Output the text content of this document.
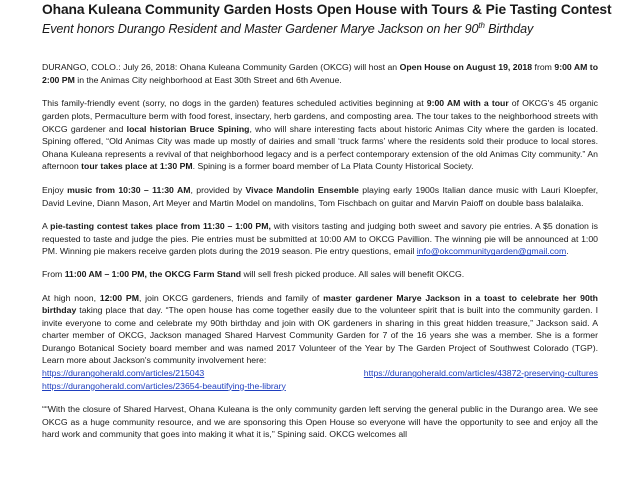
Ohana Kuleana Community Garden Hosts Open House with Tours & Pie Tasting Contest
Event honors Durango Resident and Master Gardener Marye Jackson on her 90th Birthday

DURANGO, COLO.: July 26, 2018: Ohana Kuleana Community Garden (OKCG) will host an Open House on August 19, 2018 from 9:00 AM to 2:00 PM in the Animas City neighborhood at East 30th Street and 6th Avenue.

This family-friendly event (sorry, no dogs in the garden) features scheduled activities beginning at 9:00 AM with a tour of OKCG's 45 organic garden plots, Permaculture berm with food forest, insectary, herb gardens, and composting area. The tour takes to the neighborhood streets with OKCG gardener and local historian Bruce Spining, who will share interesting facts about historic Animas City where the garden is located. Spining offered, “Old Animas City was made up mostly of dairies and small ‘truck farms’ where the residents sold their produce to local stores. Ohana Kuleana represents a revival of that neighborhood legacy and is a perfect contemporary extension of the old Animas City community.” An afternoon tour takes place at 1:30 PM. Spining is a former board member of La Plata County Historical Society.

Enjoy music from 10:30 – 11:30 AM, provided by Vivace Mandolin Ensemble playing early 1900s Italian dance music with Lauri Kloepfer, David Levine, Diann Mason, Art Meyer and Martin Model on mandolins, Tom Fischbach on guitar and Marvin Paioff on double bass balalaika.

A pie-tasting contest takes place from 11:30 – 1:00 PM, with visitors tasting and judging both sweet and savory pie entries. A $5 donation is requested to taste and judge the pies. Pie entries must be submitted at 10:00 AM to OKCG Pavillion. The winning pie will be announced at 1:00 PM. Winning pie makers receive garden plots during the 2019 season. Pie entry questions, email info@okcommunitygarden@gmail.com.

From 11:00 AM – 1:00 PM, the OKCG Farm Stand will sell fresh picked produce. All sales will benefit OKCG.

At high noon, 12:00 PM, join OKCG gardeners, friends and family of master gardener Marye Jackson in a toast to celebrate her 90th birthday taking place that day. “The open house has come together easily due to the volunteer spirit that is built into the community garden. I invite everyone to come and celebrate my 90th birthday and join with OK gardeners in sharing in this great hidden treasure,” Jackson said. A charter member of OKCG, Jackson managed Shared Harvest Community Garden for 7 of the 16 years she was a member. She is a former Durango Botanical Society board member and was named 2017 Volunteer of the Year by The Garden Project of Southwest Colorado (TGP). Learn more about Jackson's community involvement here:

https://durangoherald.com/articles/215043	https://durangoherald.com/articles/43872-preserving-cultures
https://durangoherald.com/articles/23654-beautifying-the-library

““With the closure of Shared Harvest, Ohana Kuleana is the only community garden left serving the general public in the Durango area. We see OKCG as a huge community resource, and we are sponsoring this Open House so everyone will have the opportunity to see and enjoy all the hard work and community that goes into making it what it is,” Spining said. OKCG welcomes all
